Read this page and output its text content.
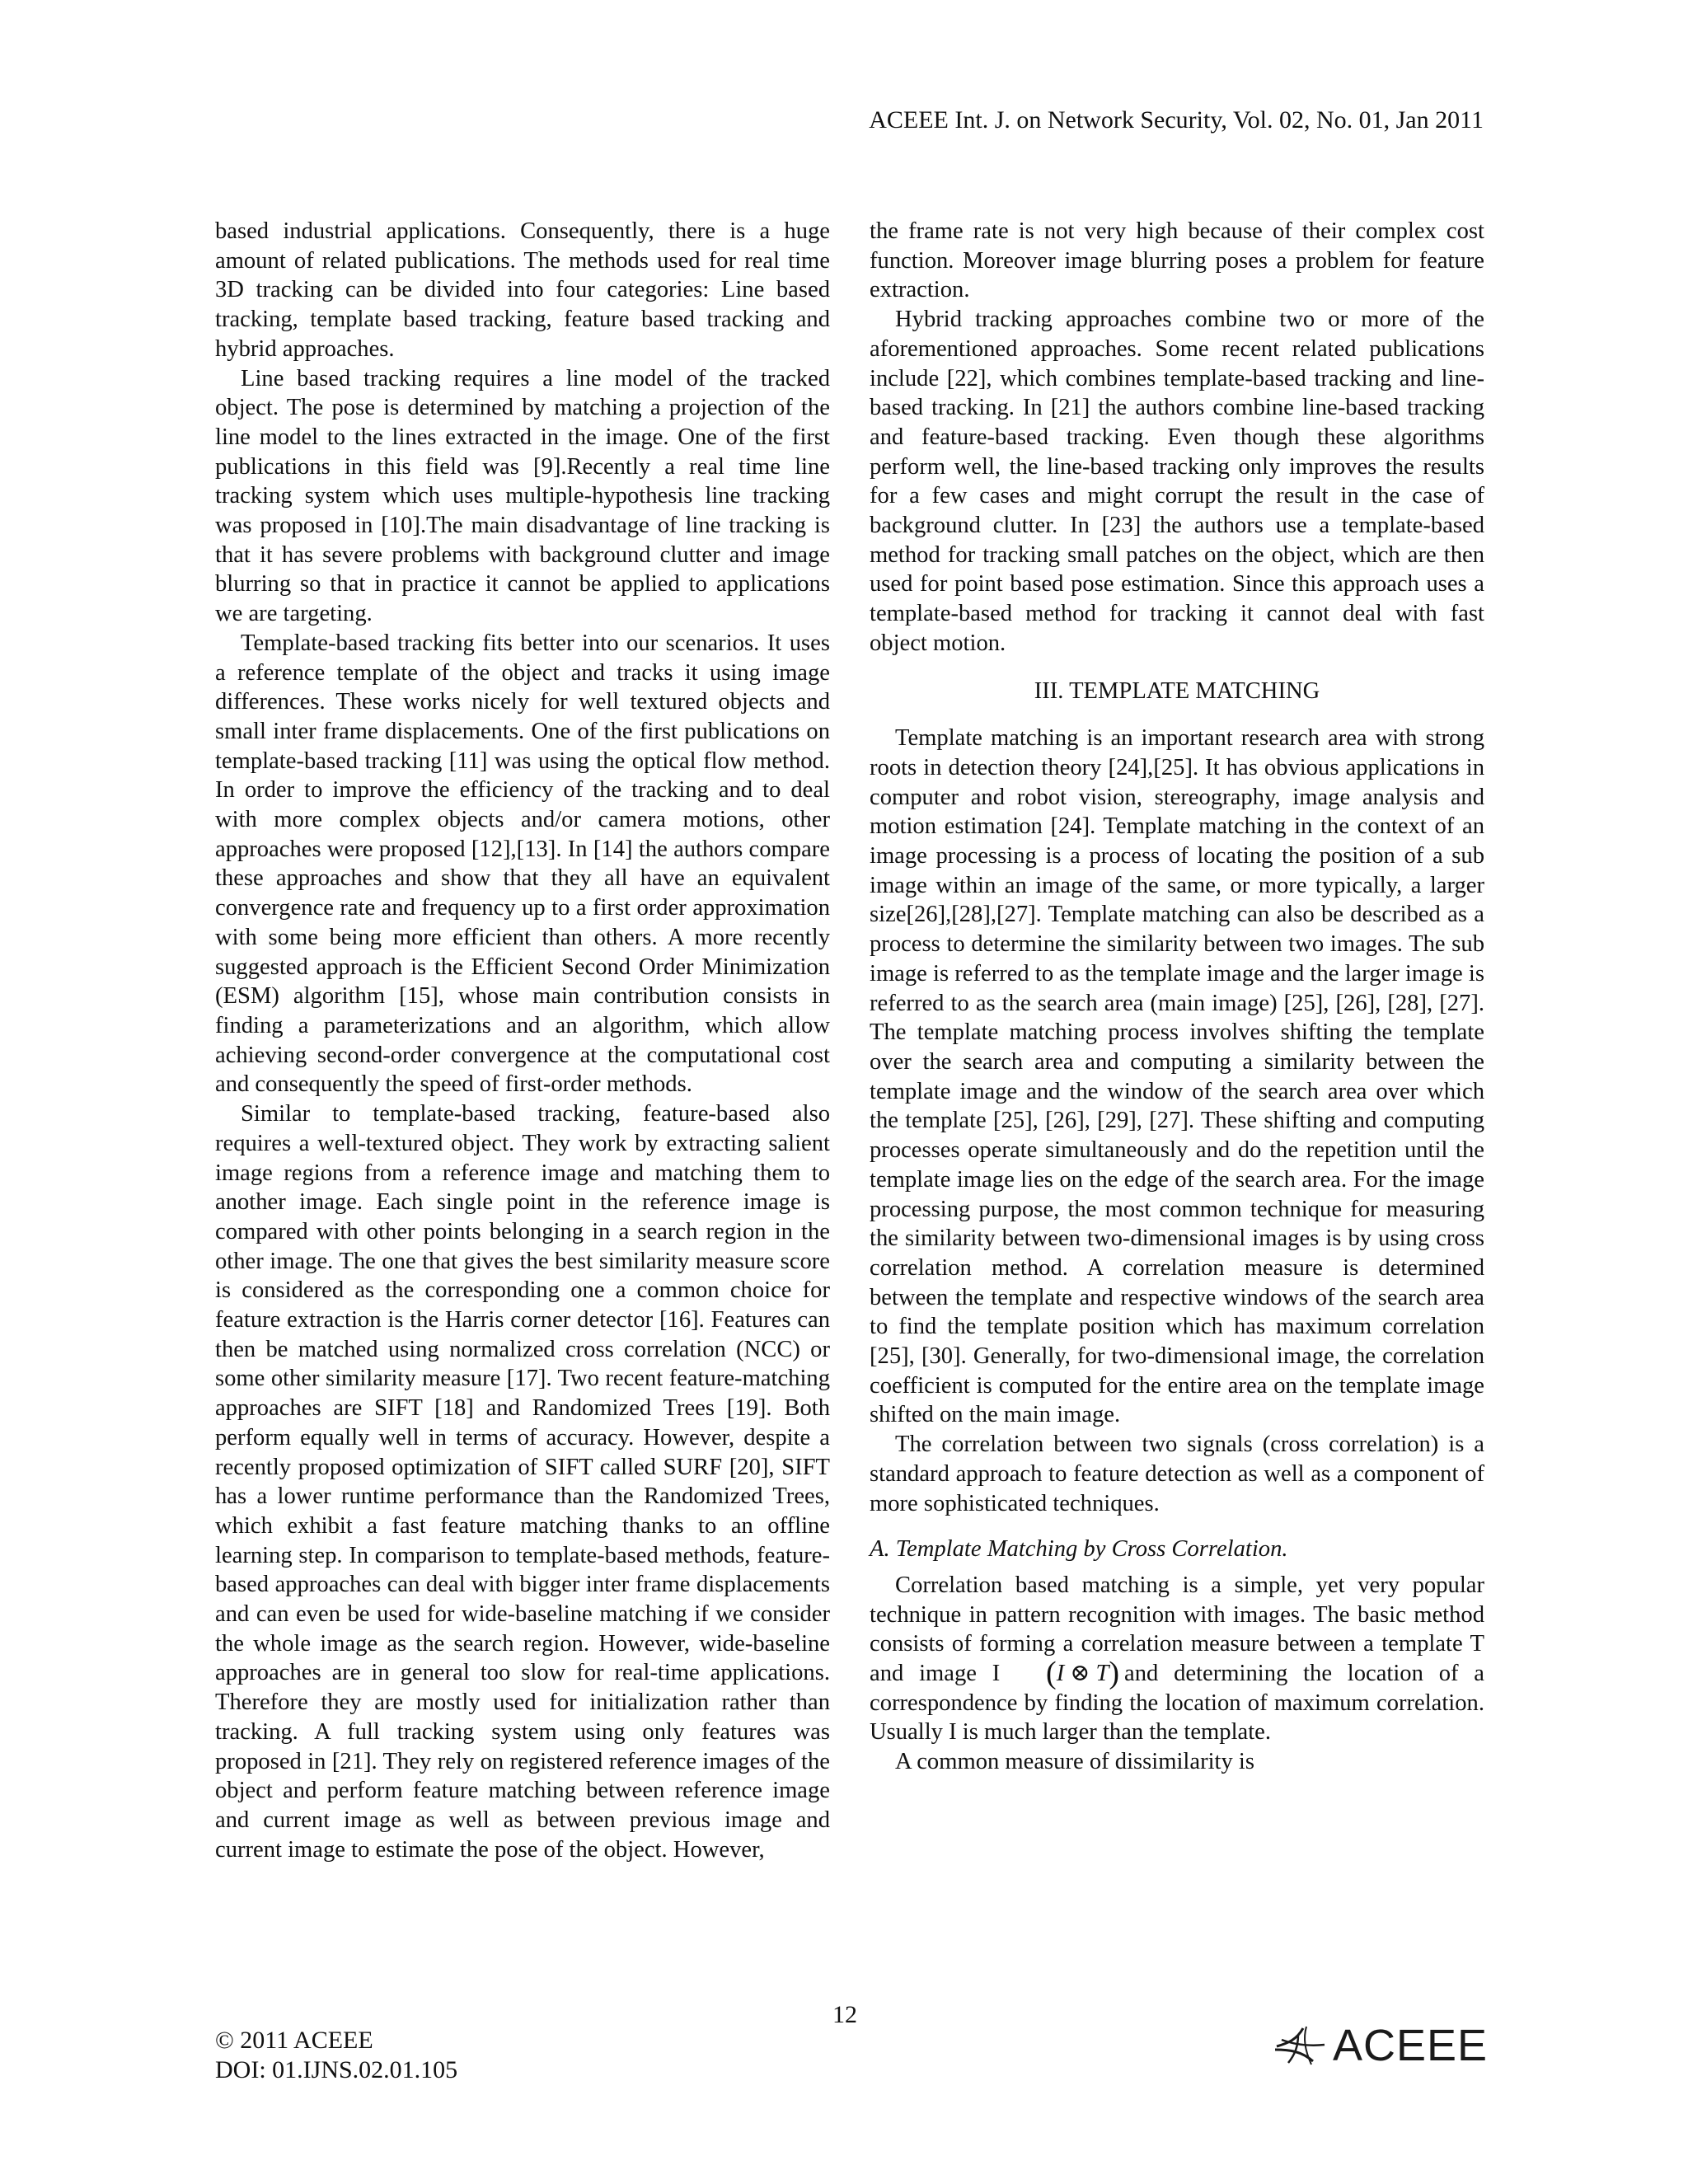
ACEEE Int. J. on Network Security, Vol. 02, No. 01, Jan 2011

based industrial applications. Consequently, there is a huge amount of related publications. The methods used for real time 3D tracking can be divided into four categories: Line based tracking, template based tracking, feature based tracking and hybrid approaches.

Line based tracking requires a line model of the tracked object. The pose is determined by matching a projection of the line model to the lines extracted in the image. One of the first publications in this field was [9].Recently a real time line tracking system which uses multiple-hypothesis line tracking was proposed in [10].The main disadvantage of line tracking is that it has severe problems with background clutter and image blurring so that in practice it cannot be applied to applications we are targeting.

Template-based tracking fits better into our scenarios. It uses a reference template of the object and tracks it using image differences. These works nicely for well textured objects and small inter frame displacements. One of the first publications on template-based tracking [11] was using the optical flow method. In order to improve the efficiency of the tracking and to deal with more complex objects and/or camera motions, other approaches were proposed [12],[13]. In [14] the authors compare these approaches and show that they all have an equivalent convergence rate and frequency up to a first order approximation with some being more efficient than others. A more recently suggested approach is the Efficient Second Order Minimization (ESM) algorithm [15], whose main contribution consists in finding a parameterizations and an algorithm, which allow achieving second-order convergence at the computational cost and consequently the speed of first-order methods.

Similar to template-based tracking, feature-based also requires a well-textured object. They work by extracting salient image regions from a reference image and matching them to another image. Each single point in the reference image is compared with other points belonging in a search region in the other image. The one that gives the best similarity measure score is considered as the corresponding one a common choice for feature extraction is the Harris corner detector [16]. Features can then be matched using normalized cross correlation (NCC) or some other similarity measure [17]. Two recent feature-matching approaches are SIFT [18] and Randomized Trees [19]. Both perform equally well in terms of accuracy. However, despite a recently proposed optimization of SIFT called SURF [20], SIFT has a lower runtime performance than the Randomized Trees, which exhibit a fast feature matching thanks to an offline learning step. In comparison to template-based methods, feature-based approaches can deal with bigger inter frame displacements and can even be used for wide-baseline matching if we consider the whole image as the search region. However, wide-baseline approaches are in general too slow for real-time applications. Therefore they are mostly used for initialization rather than tracking. A full tracking system using only features was proposed in [21]. They rely on registered reference images of the object and perform feature matching between reference image and current image as well as between previous image and current image to estimate the pose of the object. However,

the frame rate is not very high because of their complex cost function. Moreover image blurring poses a problem for feature extraction.

Hybrid tracking approaches combine two or more of the aforementioned approaches. Some recent related publications include [22], which combines template-based tracking and line-based tracking. In [21] the authors combine line-based tracking and feature-based tracking. Even though these algorithms perform well, the line-based tracking only improves the results for a few cases and might corrupt the result in the case of background clutter. In [23] the authors use a template-based method for tracking small patches on the object, which are then used for point based pose estimation. Since this approach uses a template-based method for tracking it cannot deal with fast object motion.

III. TEMPLATE MATCHING

Template matching is an important research area with strong roots in detection theory [24],[25]. It has obvious applications in computer and robot vision, stereography, image analysis and motion estimation [24]. Template matching in the context of an image processing is a process of locating the position of a sub image within an image of the same, or more typically, a larger size[26],[28],[27]. Template matching can also be described as a process to determine the similarity between two images. The sub image is referred to as the template image and the larger image is referred to as the search area (main image) [25], [26], [28], [27]. The template matching process involves shifting the template over the search area and computing a similarity between the template image and the window of the search area over which the template [25], [26], [29], [27]. These shifting and computing processes operate simultaneously and do the repetition until the template image lies on the edge of the search area. For the image processing purpose, the most common technique for measuring the similarity between two-dimensional images is by using cross correlation method. A correlation measure is determined between the template and respective windows of the search area to find the template position which has maximum correlation [25], [30]. Generally, for two-dimensional image, the correlation coefficient is computed for the entire area on the template image shifted on the main image.

The correlation between two signals (cross correlation) is a standard approach to feature detection as well as a component of more sophisticated techniques.

A. Template Matching by Cross Correlation.

Correlation based matching is a simple, yet very popular technique in pattern recognition with images. The basic method consists of forming a correlation measure between a template T and image I (I ⊗ T) and determining the location of a correspondence by finding the location of maximum correlation. Usually I is much larger than the template.

A common measure of dissimilarity is

12
© 2011 ACEEE
DOI: 01.IJNS.02.01.105	ACEEE
